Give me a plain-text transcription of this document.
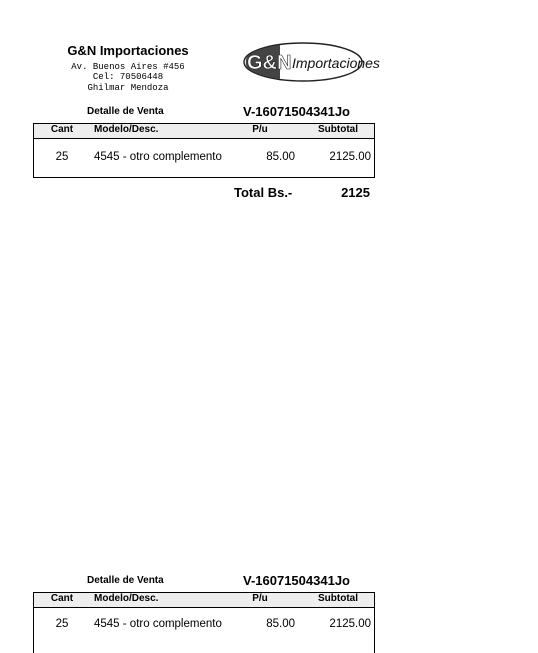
G&N Importaciones
Av. Buenos Aires #456
Cel: 70506448
Ghilmar Mendoza
G&N Importaciones
Detalle de Venta	V-16071504341Jo
Cant	Modelo/Desc.	P/u	Subtotal
25	4545 - otro complemento	85.00	2125.00
Total Bs.-	2125
Detalle de Venta	V-16071504341Jo
Cant	Modelo/Desc.	P/u	Subtotal
25	4545 - otro complemento	85.00	2125.00
